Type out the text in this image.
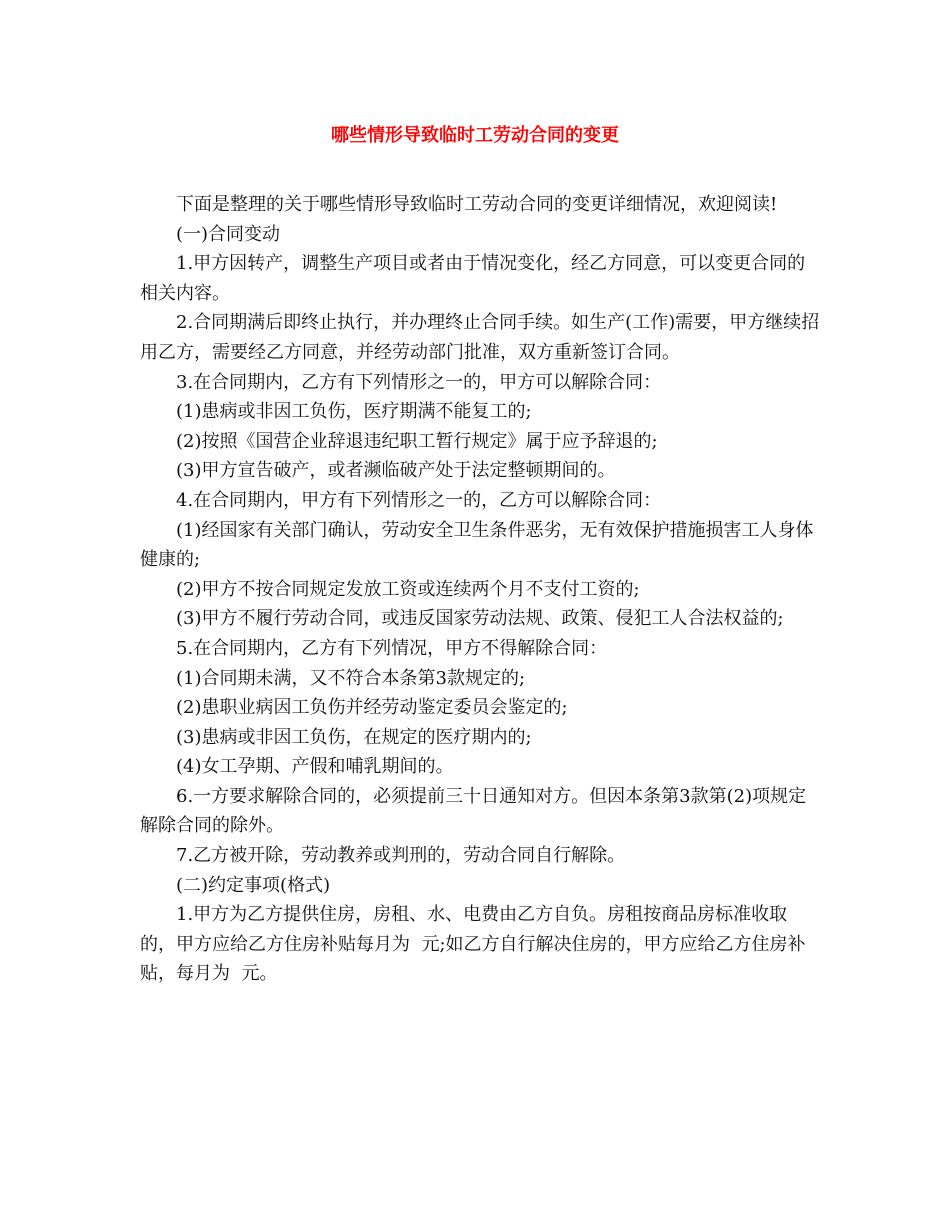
哪些情形导致临时工劳动合同的变更

下面是整理的关于哪些情形导致临时工劳动合同的变更详细情况，欢迎阅读!

(一)合同变动

1.甲方因转产，调整生产项目或者由于情况变化，经乙方同意，可以变更合同的相关内容。

2.合同期满后即终止执行，并办理终止合同手续。如生产(工作)需要，甲方继续招用乙方，需要经乙方同意，并经劳动部门批准，双方重新签订合同。

3.在合同期内，乙方有下列情形之一的，甲方可以解除合同：

(1)患病或非因工负伤，医疗期满不能复工的;

(2)按照《国营企业辞退违纪职工暂行规定》属于应予辞退的;

(3)甲方宣告破产，或者濒临破产处于法定整顿期间的。

4.在合同期内，甲方有下列情形之一的，乙方可以解除合同：

(1)经国家有关部门确认，劳动安全卫生条件恶劣，无有效保护措施损害工人身体健康的;

(2)甲方不按合同规定发放工资或连续两个月不支付工资的;

(3)甲方不履行劳动合同，或违反国家劳动法规、政策、侵犯工人合法权益的;

5.在合同期内，乙方有下列情况，甲方不得解除合同：

(1)合同期未满，又不符合本条第3款规定的;

(2)患职业病因工负伤并经劳动鉴定委员会鉴定的;

(3)患病或非因工负伤，在规定的医疗期内的;

(4)女工孕期、产假和哺乳期间的。

6.一方要求解除合同的，必须提前三十日通知对方。但因本条第3款第(2)项规定解除合同的除外。

7.乙方被开除，劳动教养或判刑的，劳动合同自行解除。

(二)约定事项(格式)

1.甲方为乙方提供住房，房租、水、电费由乙方自负。房租按商品房标准收取的，甲方应给乙方住房补贴每月为  元;如乙方自行解决住房的，甲方应给乙方住房补贴，每月为  元。
